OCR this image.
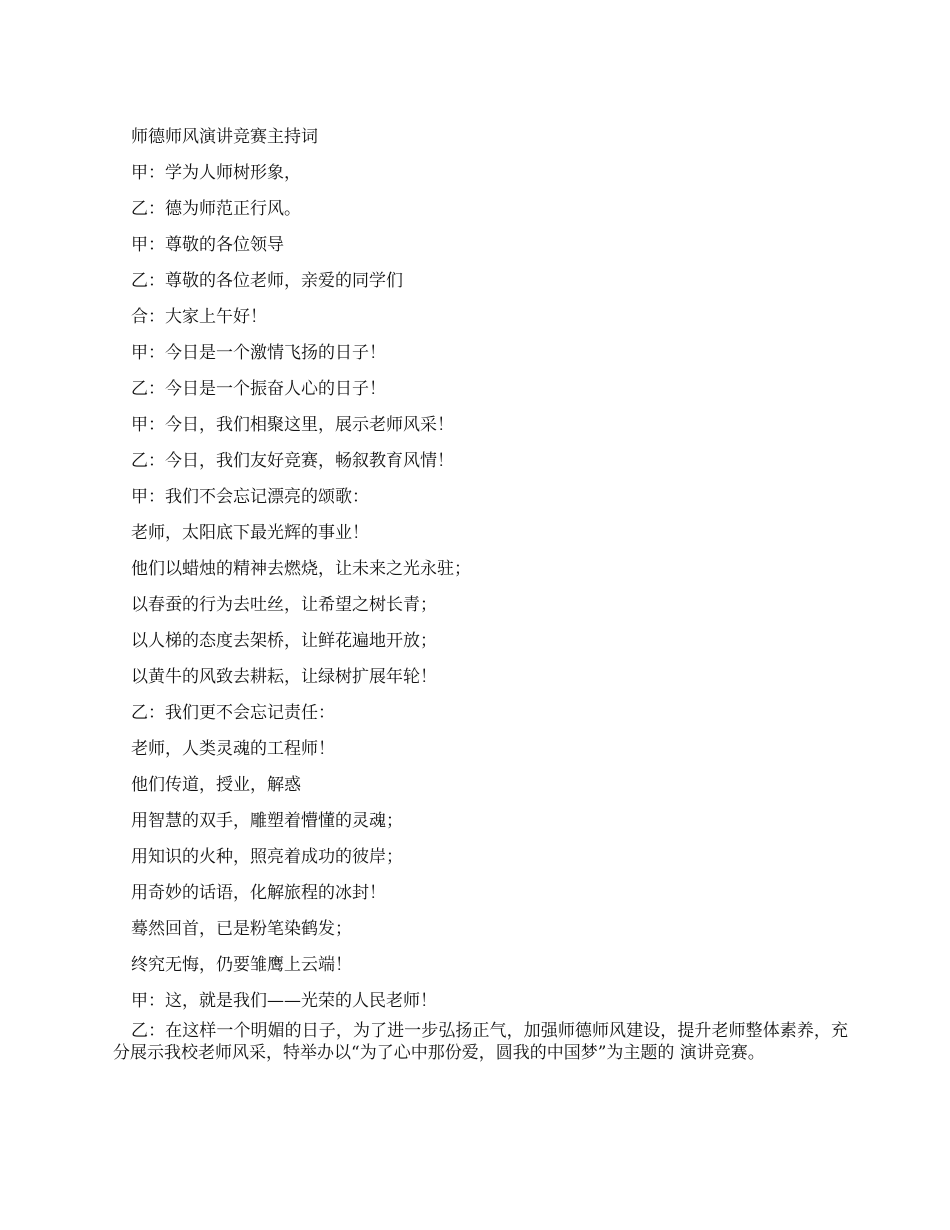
师德师风演讲竞赛主持词
甲：学为人师树形象，
乙：德为师范正行风。
甲：尊敬的各位领导
乙：尊敬的各位老师，亲爱的同学们
合：大家上午好！
甲：今日是一个激情飞扬的日子！
乙：今日是一个振奋人心的日子！
甲：今日，我们相聚这里，展示老师风采！
乙：今日，我们友好竞赛，畅叙教育风情！
甲：我们不会忘记漂亮的颂歌：
老师，太阳底下最光辉的事业！
他们以蜡烛的精神去燃烧，让未来之光永驻；
以春蚕的行为去吐丝，让希望之树长青；
以人梯的态度去架桥，让鲜花遍地开放；
以黄牛的风致去耕耘，让绿树扩展年轮！
乙：我们更不会忘记责任：
老师，人类灵魂的工程师！
他们传道，授业，解惑
用智慧的双手，雕塑着懵懂的灵魂；
用知识的火种，照亮着成功的彼岸；
用奇妙的话语，化解旅程的冰封！
蓦然回首，已是粉笔染鹤发；
终究无悔，仍要雏鹰上云端！
甲：这，就是我们——光荣的人民老师！
乙：在这样一个明媚的日子，为了进一步弘扬正气，加强师德师风建设，提升老师整体素养，充分展示我校老师风采，特举办以“为了心中那份爱，圆我的中国梦”为主题的 演讲竞赛。
